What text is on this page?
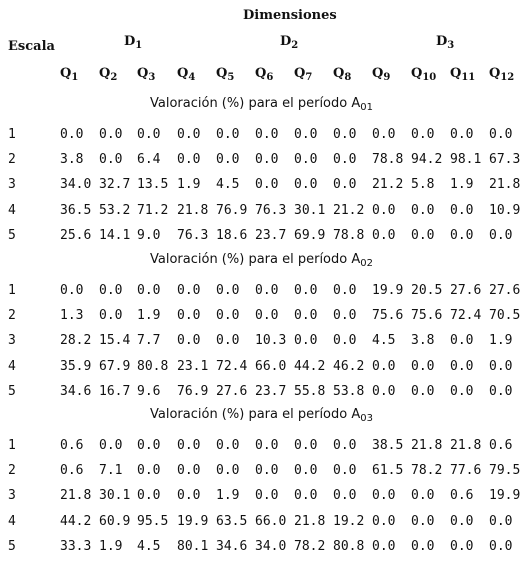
Dimensiones
Escala	$D_1$	$D_2$	$D_3$
$Q_1$ $Q_2$ $Q_3$ $Q_4$ $Q_5$ $Q_6$ $Q_7$ $Q_8$ $Q_9$ $Q_{10}$ $Q_{11}$ $Q_{12}$
Valoración (%) para el período $A_{01}$
1	0.0 0.0 0.0 0.0 0.0 0.0 0.0 0.0 0.0 0.0 0.0 0.0
2	3.8 0.0 6.4 0.0 0.0 0.0 0.0 0.0 78.8 94.2 98.1 67.3
3	34.0 32.7 13.5 1.9 4.5 0.0 0.0 0.0 21.2 5.8 1.9 21.8
4	36.5 53.2 71.2 21.8 76.9 76.3 30.1 21.2 0.0 0.0 0.0 10.9
5	25.6 14.1 9.0 76.3 18.6 23.7 69.9 78.8 0.0 0.0 0.0 0.0
Valoración (%) para el período $A_{02}$
1	0.0 0.0 0.0 0.0 0.0 0.0 0.0 0.0 19.9 20.5 27.6 27.6
2	1.3 0.0 1.9 0.0 0.0 0.0 0.0 0.0 75.6 75.6 72.4 70.5
3	28.2 15.4 7.7 0.0 0.0 10.3 0.0 0.0 4.5 3.8 0.0 1.9
4	35.9 67.9 80.8 23.1 72.4 66.0 44.2 46.2 0.0 0.0 0.0 0.0
5	34.6 16.7 9.6 76.9 27.6 23.7 55.8 53.8 0.0 0.0 0.0 0.0
Valoración (%) para el período $A_{03}$
1	0.6 0.0 0.0 0.0 0.0 0.0 0.0 0.0 38.5 21.8 21.8 0.6
2	0.6 7.1 0.0 0.0 0.0 0.0 0.0 0.0 61.5 78.2 77.6 79.5
3	21.8 30.1 0.0 0.0 1.9 0.0 0.0 0.0 0.0 0.0 0.6 19.9
4	44.2 60.9 95.5 19.9 63.5 66.0 21.8 19.2 0.0 0.0 0.0 0.0
5	33.3 1.9 4.5 80.1 34.6 34.0 78.2 80.8 0.0 0.0 0.0 0.0
